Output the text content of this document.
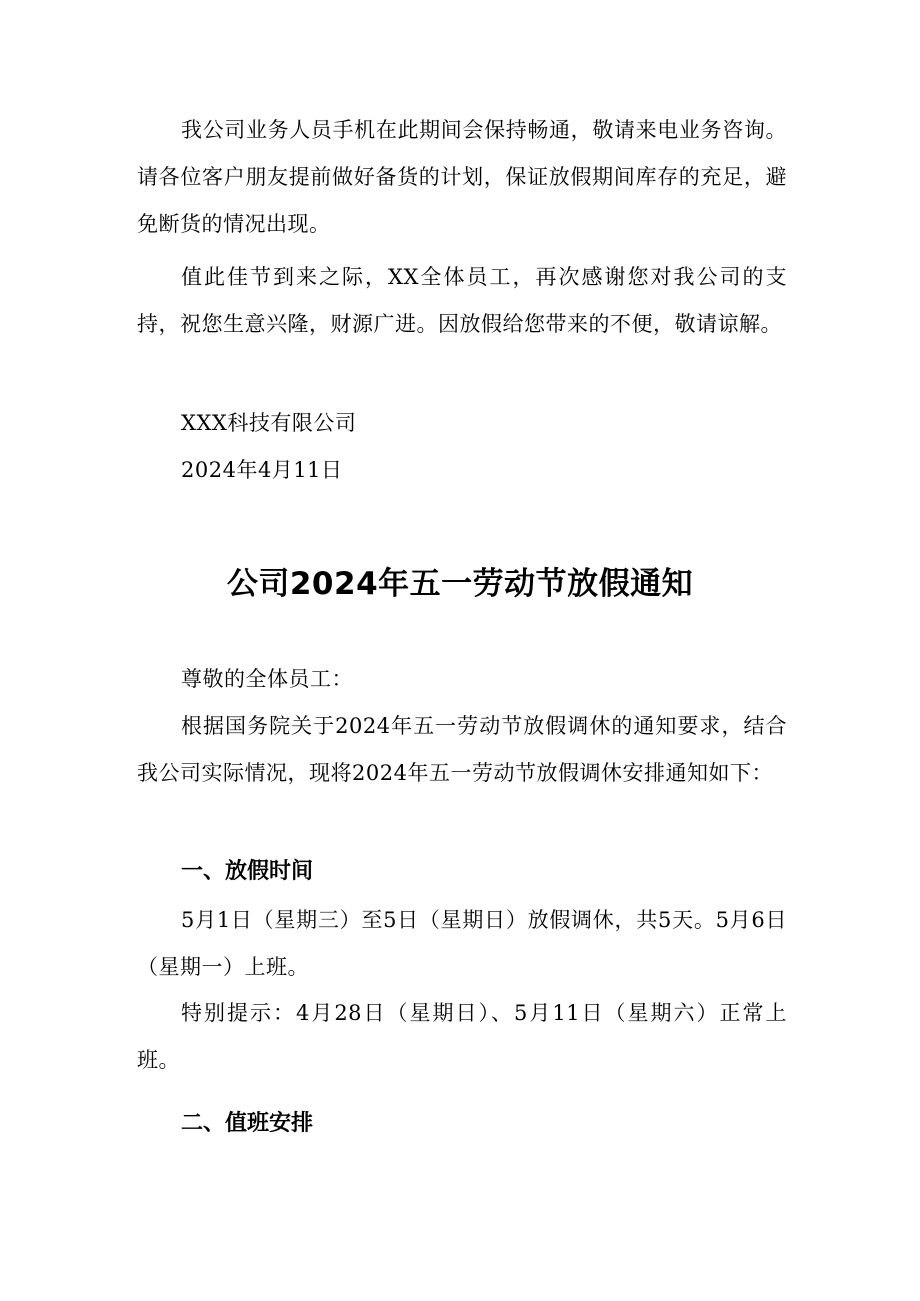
我公司业务人员手机在此期间会保持畅通，敬请来电业务咨询。请各位客户朋友提前做好备货的计划，保证放假期间库存的充足，避免断货的情况出现。

值此佳节到来之际，XX全体员工，再次感谢您对我公司的支持，祝您生意兴隆，财源广进。因放假给您带来的不便，敬请谅解。

XXX科技有限公司

2024年4月11日

公司2024年五一劳动节放假通知

尊敬的全体员工：

根据国务院关于2024年五一劳动节放假调休的通知要求，结合我公司实际情况，现将2024年五一劳动节放假调休安排通知如下：

一、放假时间

5月1日（星期三）至5日（星期日）放假调休，共5天。5月6日（星期一）上班。

特别提示：4月28日（星期日）、5月11日（星期六）正常上班。

二、值班安排
